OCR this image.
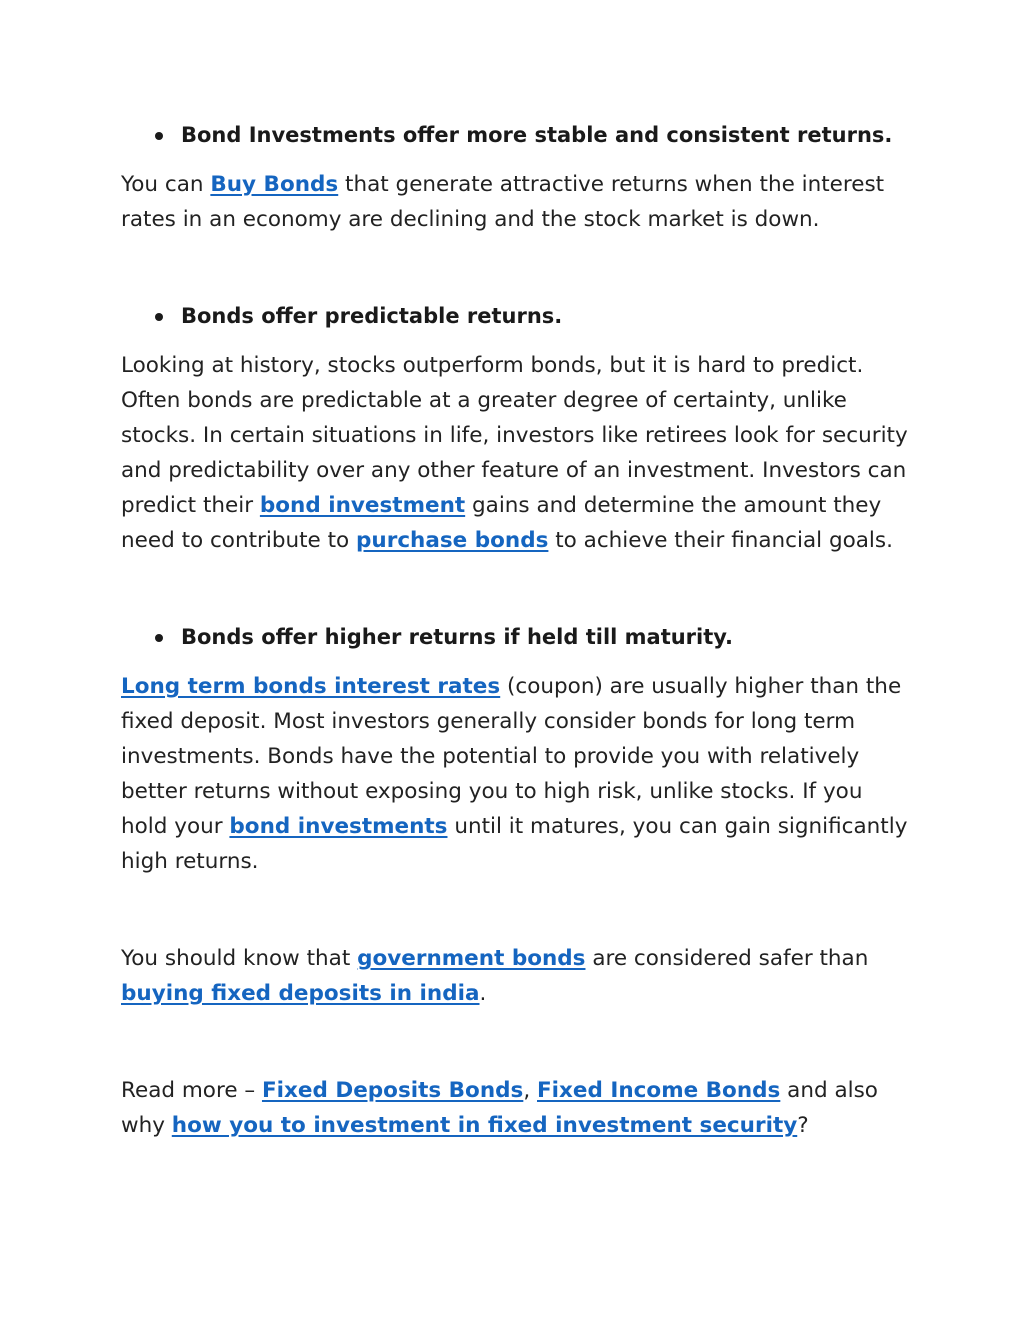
Bond Investments offer more stable and consistent returns.

You can Buy Bonds that generate attractive returns when the interest rates in an economy are declining and the stock market is down.

Bonds offer predictable returns.

Looking at history, stocks outperform bonds, but it is hard to predict. Often bonds are predictable at a greater degree of certainty, unlike stocks. In certain situations in life, investors like retirees look for security and predictability over any other feature of an investment. Investors can predict their bond investment gains and determine the amount they need to contribute to purchase bonds to achieve their financial goals.

Bonds offer higher returns if held till maturity.

Long term bonds interest rates (coupon) are usually higher than the fixed deposit. Most investors generally consider bonds for long term investments. Bonds have the potential to provide you with relatively better returns without exposing you to high risk, unlike stocks. If you hold your bond investments until it matures, you can gain significantly high returns.

You should know that government bonds are considered safer than buying fixed deposits in india.

Read more – Fixed Deposits Bonds, Fixed Income Bonds and also why how you to investment in fixed investment security?
